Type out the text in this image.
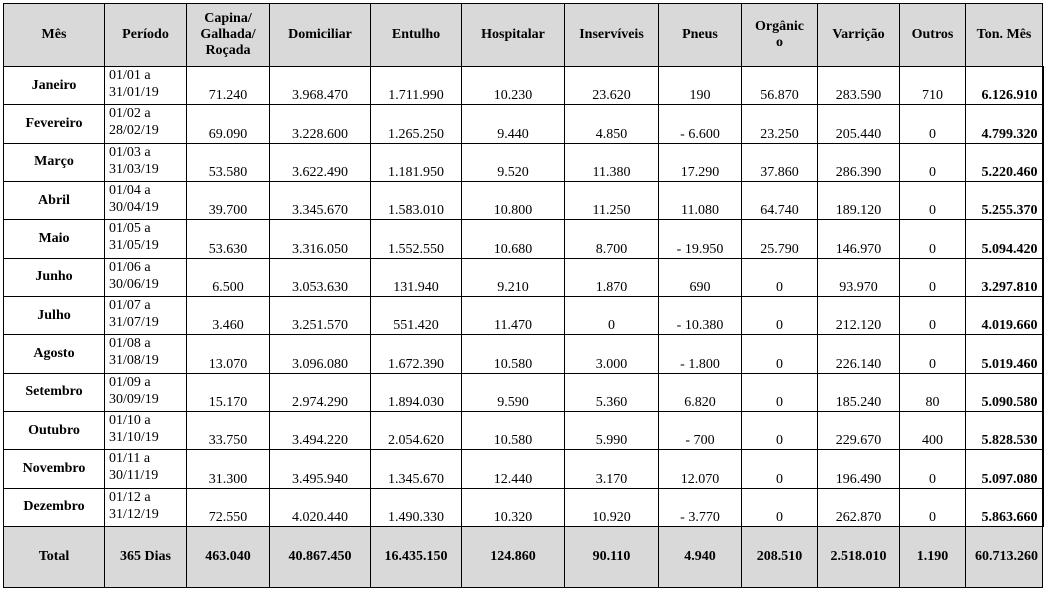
Mês	Período	Capina/
Galhada/
Roçada	Domiciliar	Entulho	Hospitalar	Inservíveis	Pneus	Orgânic
o	Varrição	Outros	Ton. Mês
Janeiro	01/01 a
31/01/19	71.240	3.968.470	1.711.990	10.230	23.620	190	56.870	283.590	710	6.126.910
Fevereiro	01/02 a
28/02/19	69.090	3.228.600	1.265.250	9.440	4.850	- 6.600	23.250	205.440	0	4.799.320
Março	01/03 a
31/03/19	53.580	3.622.490	1.181.950	9.520	11.380	17.290	37.860	286.390	0	5.220.460
Abril	01/04 a
30/04/19	39.700	3.345.670	1.583.010	10.800	11.250	11.080	64.740	189.120	0	5.255.370
Maio	01/05 a
31/05/19	53.630	3.316.050	1.552.550	10.680	8.700	- 19.950	25.790	146.970	0	5.094.420
Junho	01/06 a
30/06/19	6.500	3.053.630	131.940	9.210	1.870	690	0	93.970	0	3.297.810
Julho	01/07 a
31/07/19	3.460	3.251.570	551.420	11.470	0	- 10.380	0	212.120	0	4.019.660
Agosto	01/08 a
31/08/19	13.070	3.096.080	1.672.390	10.580	3.000	- 1.800	0	226.140	0	5.019.460
Setembro	01/09 a
30/09/19	15.170	2.974.290	1.894.030	9.590	5.360	6.820	0	185.240	80	5.090.580
Outubro	01/10 a
31/10/19	33.750	3.494.220	2.054.620	10.580	5.990	- 700	0	229.670	400	5.828.530
Novembro	01/11 a
30/11/19	31.300	3.495.940	1.345.670	12.440	3.170	12.070	0	196.490	0	5.097.080
Dezembro	01/12 a
31/12/19	72.550	4.020.440	1.490.330	10.320	10.920	- 3.770	0	262.870	0	5.863.660
Total	365 Dias	463.040	40.867.450	16.435.150	124.860	90.110	4.940	208.510	2.518.010	1.190	60.713.260
